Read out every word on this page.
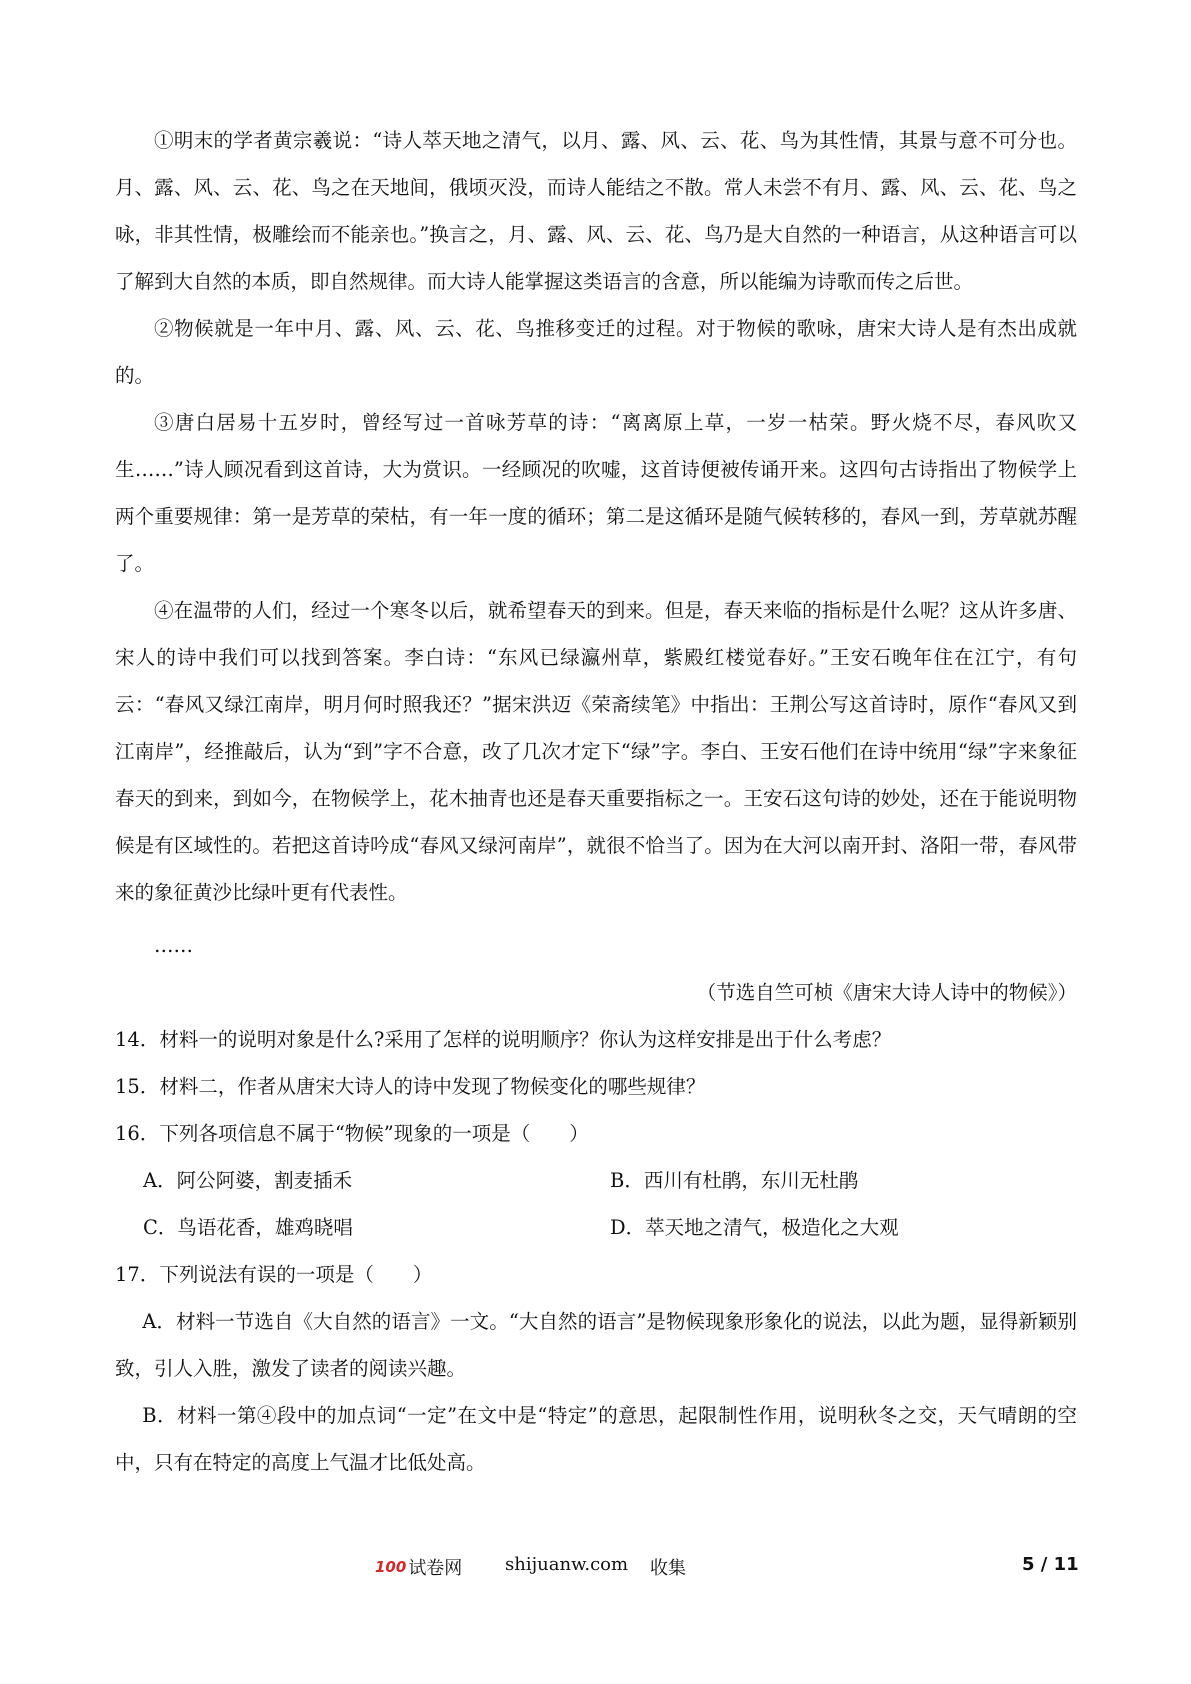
①明末的学者黄宗羲说：“诗人萃天地之清气，以月、露、风、云、花、鸟为其性情，其景与意不可分也。月、露、风、云、花、鸟之在天地间，俄顷灭没，而诗人能结之不散。常人未尝不有月、露、风、云、花、鸟之咏，非其性情，极雕绘而不能亲也。”换言之，月、露、风、云、花、鸟乃是大自然的一种语言，从这种语言可以了解到大自然的本质，即自然规律。而大诗人能掌握这类语言的含意，所以能编为诗歌而传之后世。

②物候就是一年中月、露、风、云、花、鸟推移变迁的过程。对于物候的歌咏，唐宋大诗人是有杰出成就的。

③唐白居易十五岁时，曾经写过一首咏芳草的诗：“离离原上草，一岁一枯荣。野火烧不尽，春风吹又生……”诗人顾况看到这首诗，大为赏识。一经顾况的吹嘘，这首诗便被传诵开来。这四句古诗指出了物候学上两个重要规律：第一是芳草的荣枯，有一年一度的循环；第二是这循环是随气候转移的，春风一到，芳草就苏醒了。

④在温带的人们，经过一个寒冬以后，就希望春天的到来。但是，春天来临的指标是什么呢？这从许多唐、宋人的诗中我们可以找到答案。李白诗：“东风已绿瀛州草，紫殿红楼觉春好。”王安石晚年住在江宁，有句云：“春风又绿江南岸，明月何时照我还？”据宋洪迈《荣斋续笔》中指出：王荆公写这首诗时，原作“春风又到江南岸”，经推敲后，认为“到”字不合意，改了几次才定下“绿”字。李白、王安石他们在诗中统用“绿”字来象征春天的到来，到如今，在物候学上，花木抽青也还是春天重要指标之一。王安石这句诗的妙处，还在于能说明物候是有区域性的。若把这首诗吟成“春风又绿河南岸”，就很不恰当了。因为在大河以南开封、洛阳一带，春风带来的象征黄沙比绿叶更有代表性。

……

（节选自竺可桢《唐宋大诗人诗中的物候》）

14．材料一的说明对象是什么?采用了怎样的说明顺序？你认为这样安排是出于什么考虑？

15．材料二，作者从唐宋大诗人的诗中发现了物候变化的哪些规律？

16．下列各项信息不属于“物候”现象的一项是（　　）

A．阿公阿婆，割麦插禾	B．西川有杜鹃，东川无杜鹃
C．鸟语花香，雄鸡晓唱	D．萃天地之清气，极造化之大观

17．下列说法有误的一项是（　　）

A．材料一节选自《大自然的语言》一文。“大自然的语言”是物候现象形象化的说法，以此为题，显得新颖别致，引人入胜，激发了读者的阅读兴趣。

B．材料一第④段中的加点词“一定”在文中是“特定”的意思，起限制性作用，说明秋冬之交，天气晴朗的空中，只有在特定的高度上气温才比低处高。

100 试卷网 shijuanw.com 收集	5 / 11
